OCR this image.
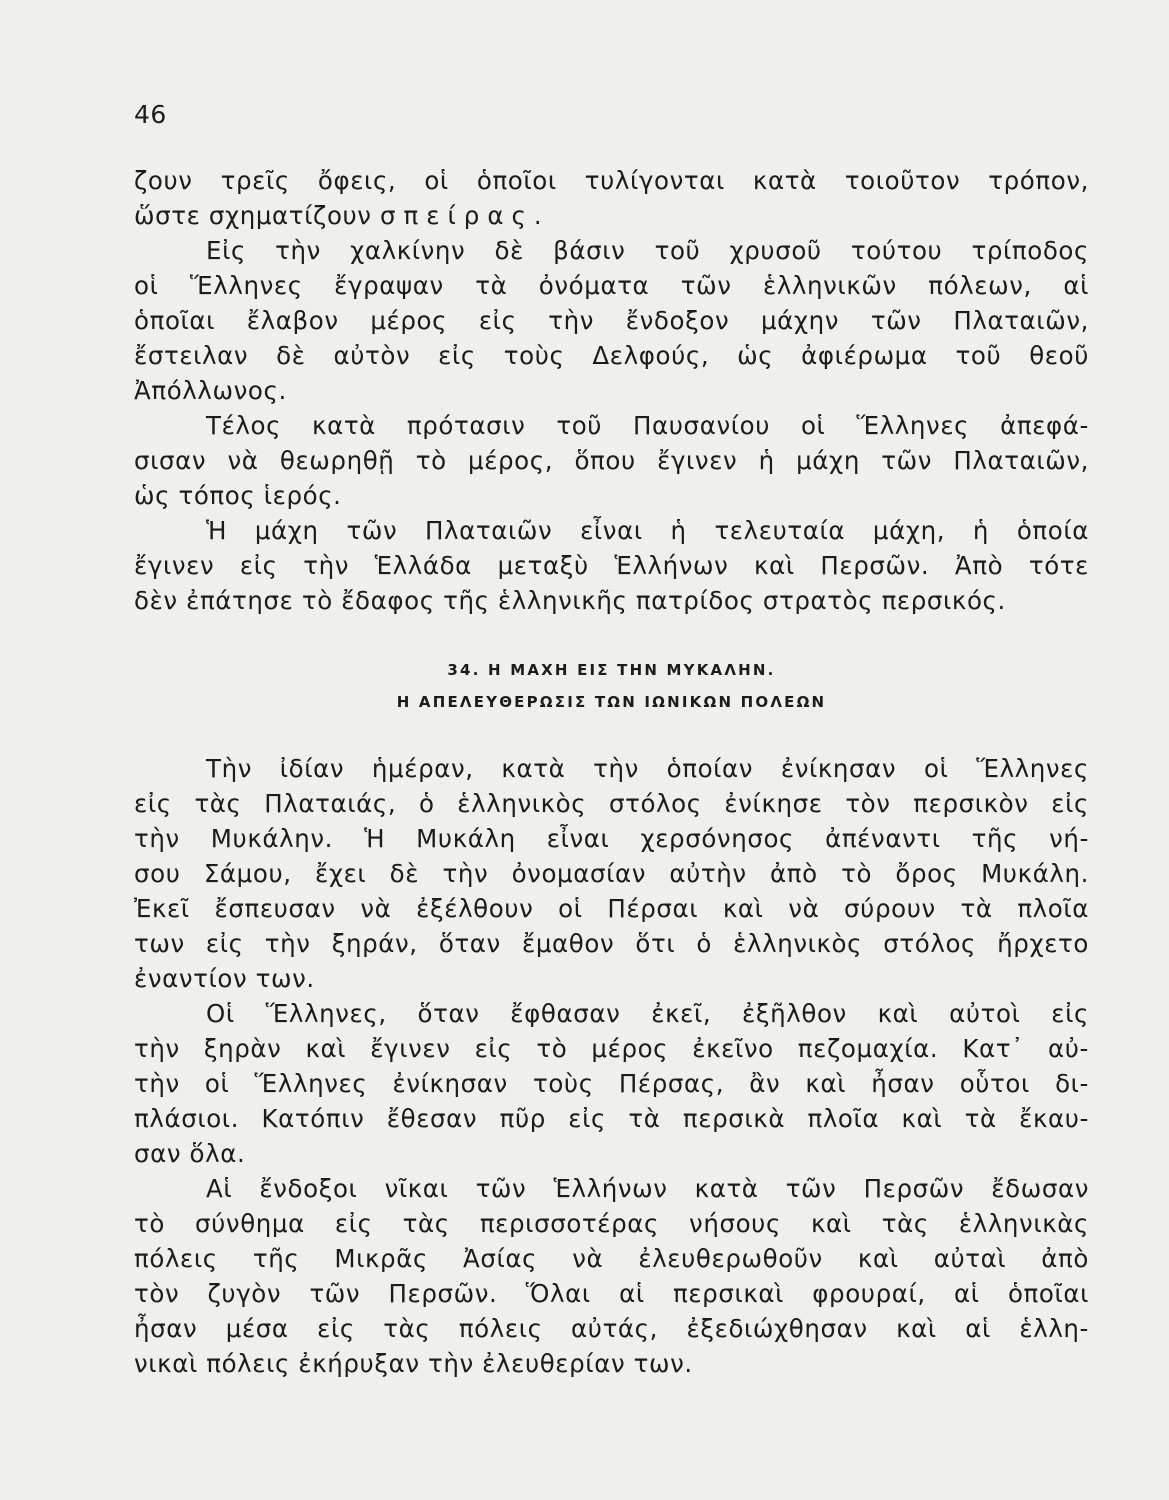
46
ζουν τρεῖς ὄφεις, οἱ ὁποῖοι τυλίγονται κατὰ τοιοῦτον τρόπον,
ὥστε σχηματίζουν σπείρας.
Εἰς τὴν χαλκίνην δὲ βάσιν τοῦ χρυσοῦ τούτου τρίποδος
οἱ Ἕλληνες ἔγραψαν τὰ ὀνόματα τῶν ἑλληνικῶν πόλεων, αἱ
ὁποῖαι ἔλαβον μέρος εἰς τὴν ἔνδοξον μάχην τῶν Πλαταιῶν,
ἔστειλαν δὲ αὐτὸν εἰς τοὺς Δελφούς, ὡς ἀφιέρωμα τοῦ θεοῦ
Ἀπόλλωνος.
Τέλος κατὰ πρότασιν τοῦ Παυσανίου οἱ Ἕλληνες ἀπεφά-
σισαν νὰ θεωρηθῇ τὸ μέρος, ὅπου ἔγινεν ἡ μάχη τῶν Πλαταιῶν,
ὡς τόπος ἱερός.
Ἡ μάχη τῶν Πλαταιῶν εἶναι ἡ τελευταία μάχη, ἡ ὁποία
ἔγινεν εἰς τὴν Ἑλλάδα μεταξὺ Ἑλλήνων καὶ Περσῶν. Ἀπὸ τότε
δὲν ἐπάτησε τὸ ἔδαφος τῆς ἑλληνικῆς πατρίδος στρατὸς περσικός.
34. Η ΜΑΧΗ ΕΙΣ ΤΗΝ ΜΥΚΑΛΗΝ.
Η ΑΠΕΛΕΥΘΕΡΩΣΙΣ ΤΩΝ ΙΩΝΙΚΩΝ ΠΟΛΕΩΝ
Τὴν ἰδίαν ἡμέραν, κατὰ τὴν ὁποίαν ἐνίκησαν οἱ Ἕλληνες
εἰς τὰς Πλαταιάς, ὁ ἑλληνικὸς στόλος ἐνίκησε τὸν περσικὸν εἰς
τὴν Μυκάλην. Ἡ Μυκάλη εἶναι χερσόνησος ἀπέναντι τῆς νή-
σου Σάμου, ἔχει δὲ τὴν ὀνομασίαν αὐτὴν ἀπὸ τὸ ὄρος Μυκάλη.
Ἐκεῖ ἔσπευσαν νὰ ἐξέλθουν οἱ Πέρσαι καὶ νὰ σύρουν τὰ πλοῖα
των εἰς τὴν ξηράν, ὅταν ἔμαθον ὅτι ὁ ἑλληνικὸς στόλος ἤρχετο
ἐναντίον των.
Οἱ Ἕλληνες, ὅταν ἔφθασαν ἐκεῖ, ἐξῆλθον καὶ αὐτοὶ εἰς
τὴν ξηρὰν καὶ ἔγινεν εἰς τὸ μέρος ἐκεῖνο πεζομαχία. Κατ᾽ αὐ-
τὴν οἱ Ἕλληνες ἐνίκησαν τοὺς Πέρσας, ἂν καὶ ἦσαν οὗτοι δι-
πλάσιοι. Κατόπιν ἔθεσαν πῦρ εἰς τὰ περσικὰ πλοῖα καὶ τὰ ἔκαυ-
σαν ὅλα.
Αἱ ἔνδοξοι νῖκαι τῶν Ἑλλήνων κατὰ τῶν Περσῶν ἔδωσαν
τὸ σύνθημα εἰς τὰς περισσοτέρας νήσους καὶ τὰς ἑλληνικὰς
πόλεις τῆς Μικρᾶς Ἀσίας νὰ ἐλευθερωθοῦν καὶ αὐταὶ ἀπὸ
τὸν ζυγὸν τῶν Περσῶν. Ὅλαι αἱ περσικαὶ φρουραί, αἱ ὁποῖαι
ἦσαν μέσα εἰς τὰς πόλεις αὐτάς, ἐξεδιώχθησαν καὶ αἱ ἑλλη-
νικαὶ πόλεις ἐκήρυξαν τὴν ἐλευθερίαν των.
